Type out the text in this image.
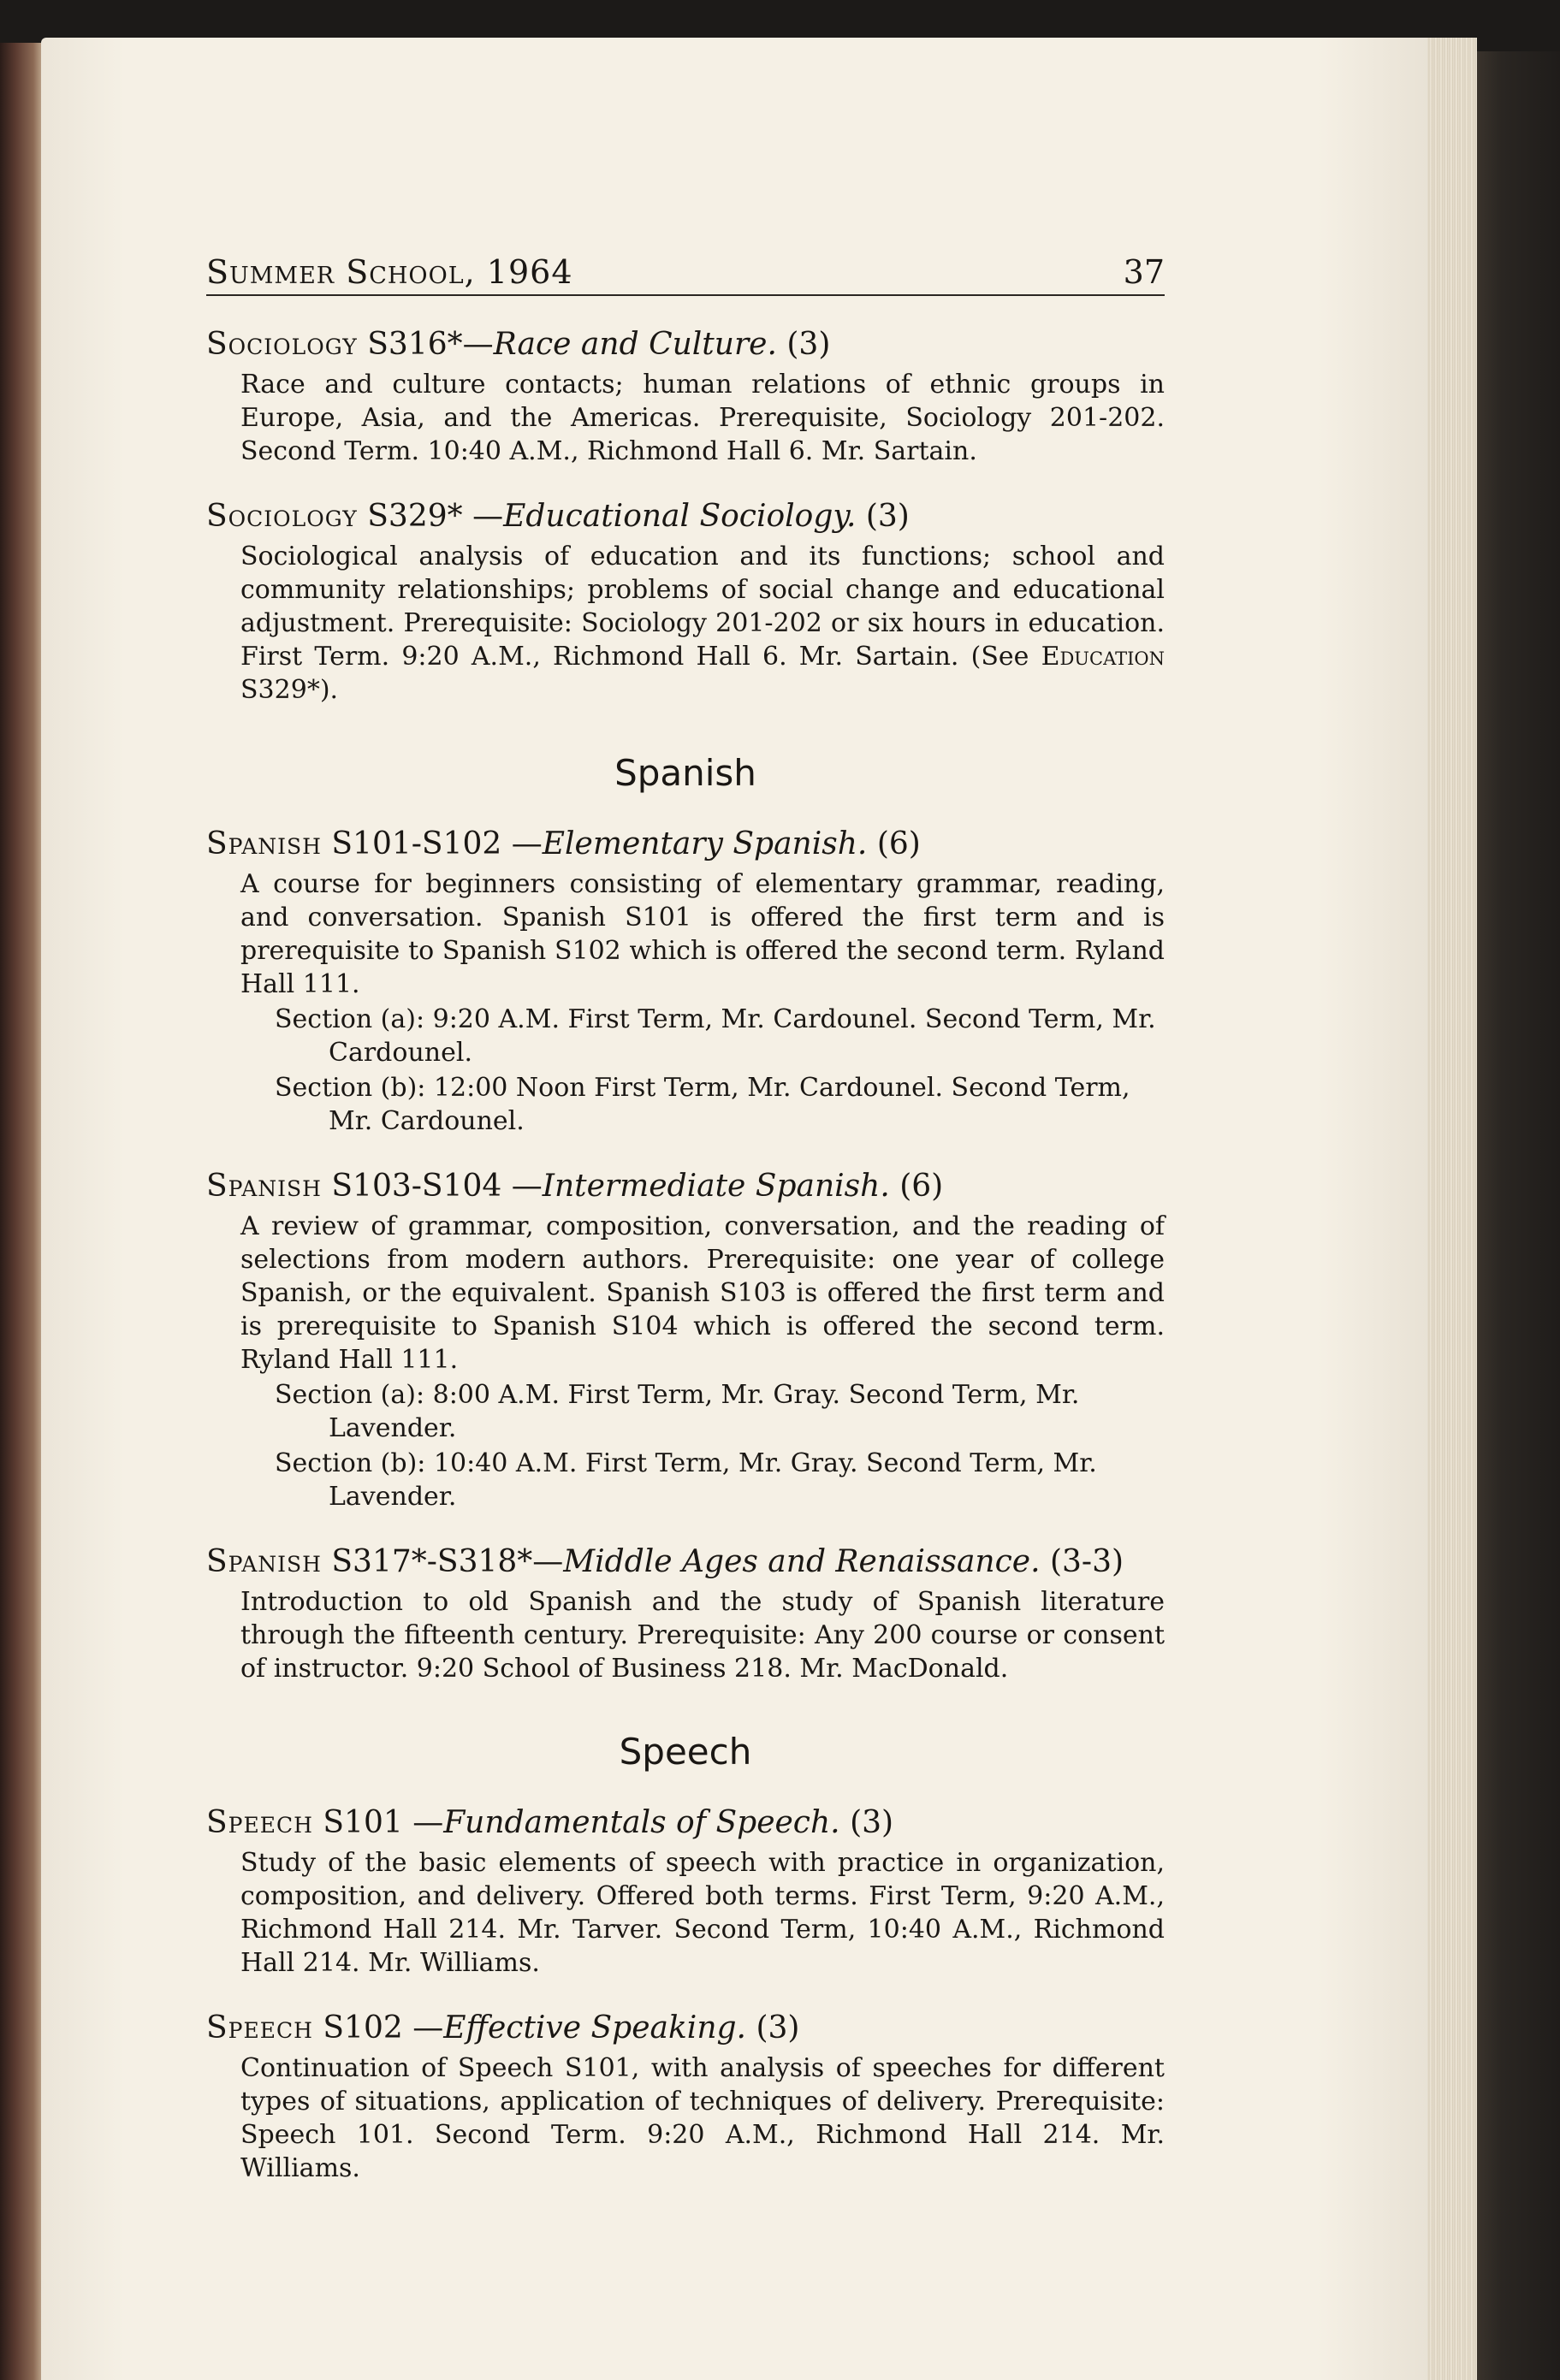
Summer School, 1964	37
Sociology S316*—Race and Culture. (3)
Race and culture contacts; human relations of ethnic groups in Europe, Asia, and the Americas. Prerequisite, Sociology 201-202. Second Term. 10:40 A.M., Richmond Hall 6. Mr. Sartain.
Sociology S329* —Educational Sociology. (3)
Sociological analysis of education and its functions; school and community relationships; problems of social change and educational adjustment. Prerequisite: Sociology 201-202 or six hours in education. First Term. 9:20 A.M., Richmond Hall 6. Mr. Sartain. (See Education S329*).
Spanish
Spanish S101-S102 —Elementary Spanish. (6)
A course for beginners consisting of elementary grammar, reading, and conversation. Spanish S101 is offered the first term and is prerequisite to Spanish S102 which is offered the second term. Ryland Hall 111.
Section (a): 9:20 A.M. First Term, Mr. Cardounel. Second Term, Mr. Cardounel.
Section (b): 12:00 Noon First Term, Mr. Cardounel. Second Term, Mr. Cardounel.
Spanish S103-S104 —Intermediate Spanish. (6)
A review of grammar, composition, conversation, and the reading of selections from modern authors. Prerequisite: one year of college Spanish, or the equivalent. Spanish S103 is offered the first term and is prerequisite to Spanish S104 which is offered the second term. Ryland Hall 111.
Section (a): 8:00 A.M. First Term, Mr. Gray. Second Term, Mr. Lavender.
Section (b): 10:40 A.M. First Term, Mr. Gray. Second Term, Mr. Lavender.
Spanish S317*-S318*—Middle Ages and Renaissance. (3-3)
Introduction to old Spanish and the study of Spanish literature through the fifteenth century. Prerequisite: Any 200 course or consent of instructor. 9:20 School of Business 218. Mr. MacDonald.
Speech
Speech S101 —Fundamentals of Speech. (3)
Study of the basic elements of speech with practice in organization, composition, and delivery. Offered both terms. First Term, 9:20 A.M., Richmond Hall 214. Mr. Tarver. Second Term, 10:40 A.M., Richmond Hall 214. Mr. Williams.
Speech S102 —Effective Speaking. (3)
Continuation of Speech S101, with analysis of speeches for different types of situations, application of techniques of delivery. Prerequisite: Speech 101. Second Term. 9:20 A.M., Richmond Hall 214. Mr. Williams.
